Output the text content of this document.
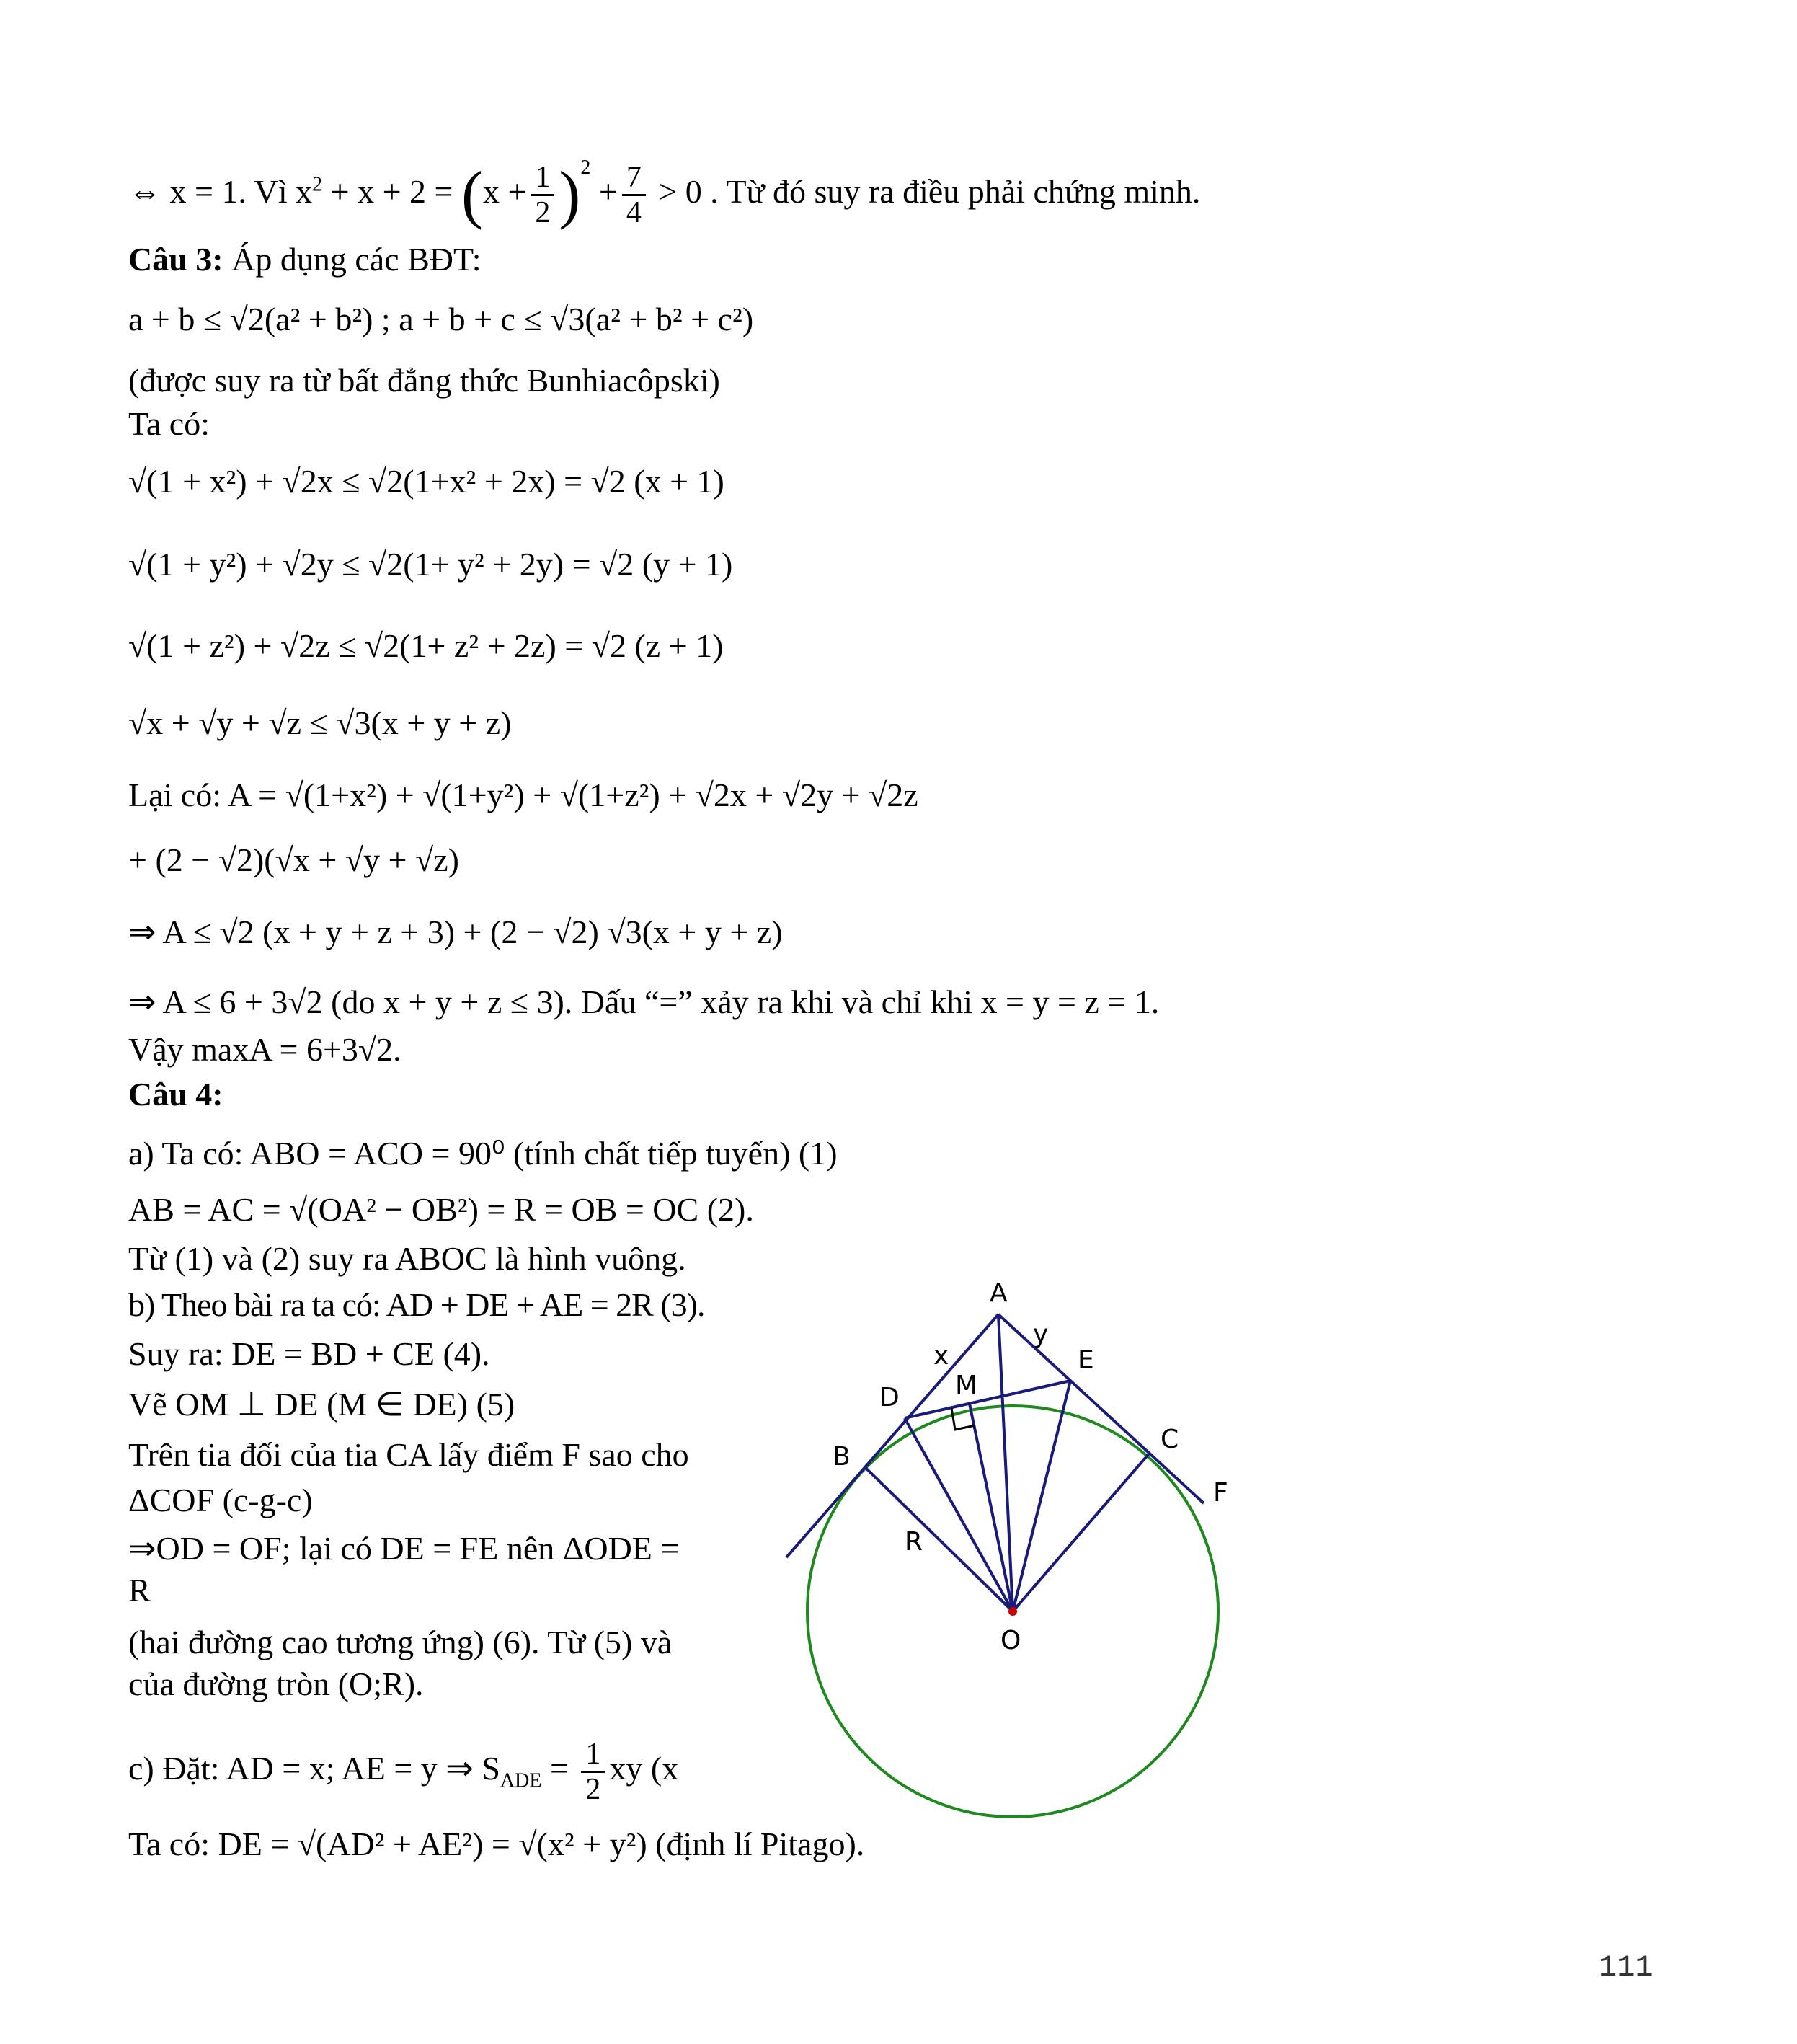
⇔ x = 1. Vì $x^2 + x + 2 = (x + \frac{1}{2} )^2 + \frac{7}{4} > 0$ . Từ đó suy ra điều phải chứng minh.
Câu 3: Áp dụng các BĐT:
a + b ≤ √2(a² + b²) ; a + b + c ≤ √3(a² + b² + c²)
(được suy ra từ bất đẳng thức Bunhiacôpski)
Ta có:
√(1 + x²) + √2x ≤ √2(1+x² + 2x) = √2 (x + 1)
√(1 + y²) + √2y ≤ √2(1+ y² + 2y) = √2 (y + 1)
√(1 + z²) + √2z ≤ √2(1+ z² + 2z) = √2 (z + 1)
√x + √y + √z ≤ √3(x + y + z)
Lại có: A = √(1+x²) + √(1+y²) + √(1+z²) + √2x + √2y + √2z
+ (2 − √2)(√x + √y + √z)
⇒ A ≤ √2 (x + y + z + 3) + (2 − √2) √3(x + y + z)
⇒ A ≤ 6 + 3√2 (do x + y + z ≤ 3). Dấu “=” xảy ra khi và chỉ khi x = y = z = 1.
Vậy maxA = 6+3√2.
Câu 4:
a) Ta có: ABO = ACO = 90⁰ (tính chất tiếp tuyến) (1)
AB = AC = √(OA² − OB²) = R = OB = OC (2).
Từ (1) và (2) suy ra ABOC là hình vuông.
b) Theo bài ra ta có: AD + DE + AE = 2R (3).
Suy ra: DE = BD + CE (4).
Vẽ OM ⊥ DE (M ∈ DE) (5)
Trên tia đối của tia CA lấy điểm F sao cho
ΔCOF (c-g-c)
⇒OD = OF; lại có DE = FE nên ΔODE =
R
(hai đường cao tương ứng) (6). Từ (5) và
của đường tròn (O;R).
c) Đặt: AD = x; AE = y ⇒ $S_{ADE} = \frac{1}{2}$ xy (x
Ta có: DE = √(AD² + AE²) = √(x² + y²) (định lí Pitago).
A
x
y
E
M
D
C
B
F
R
O
111
